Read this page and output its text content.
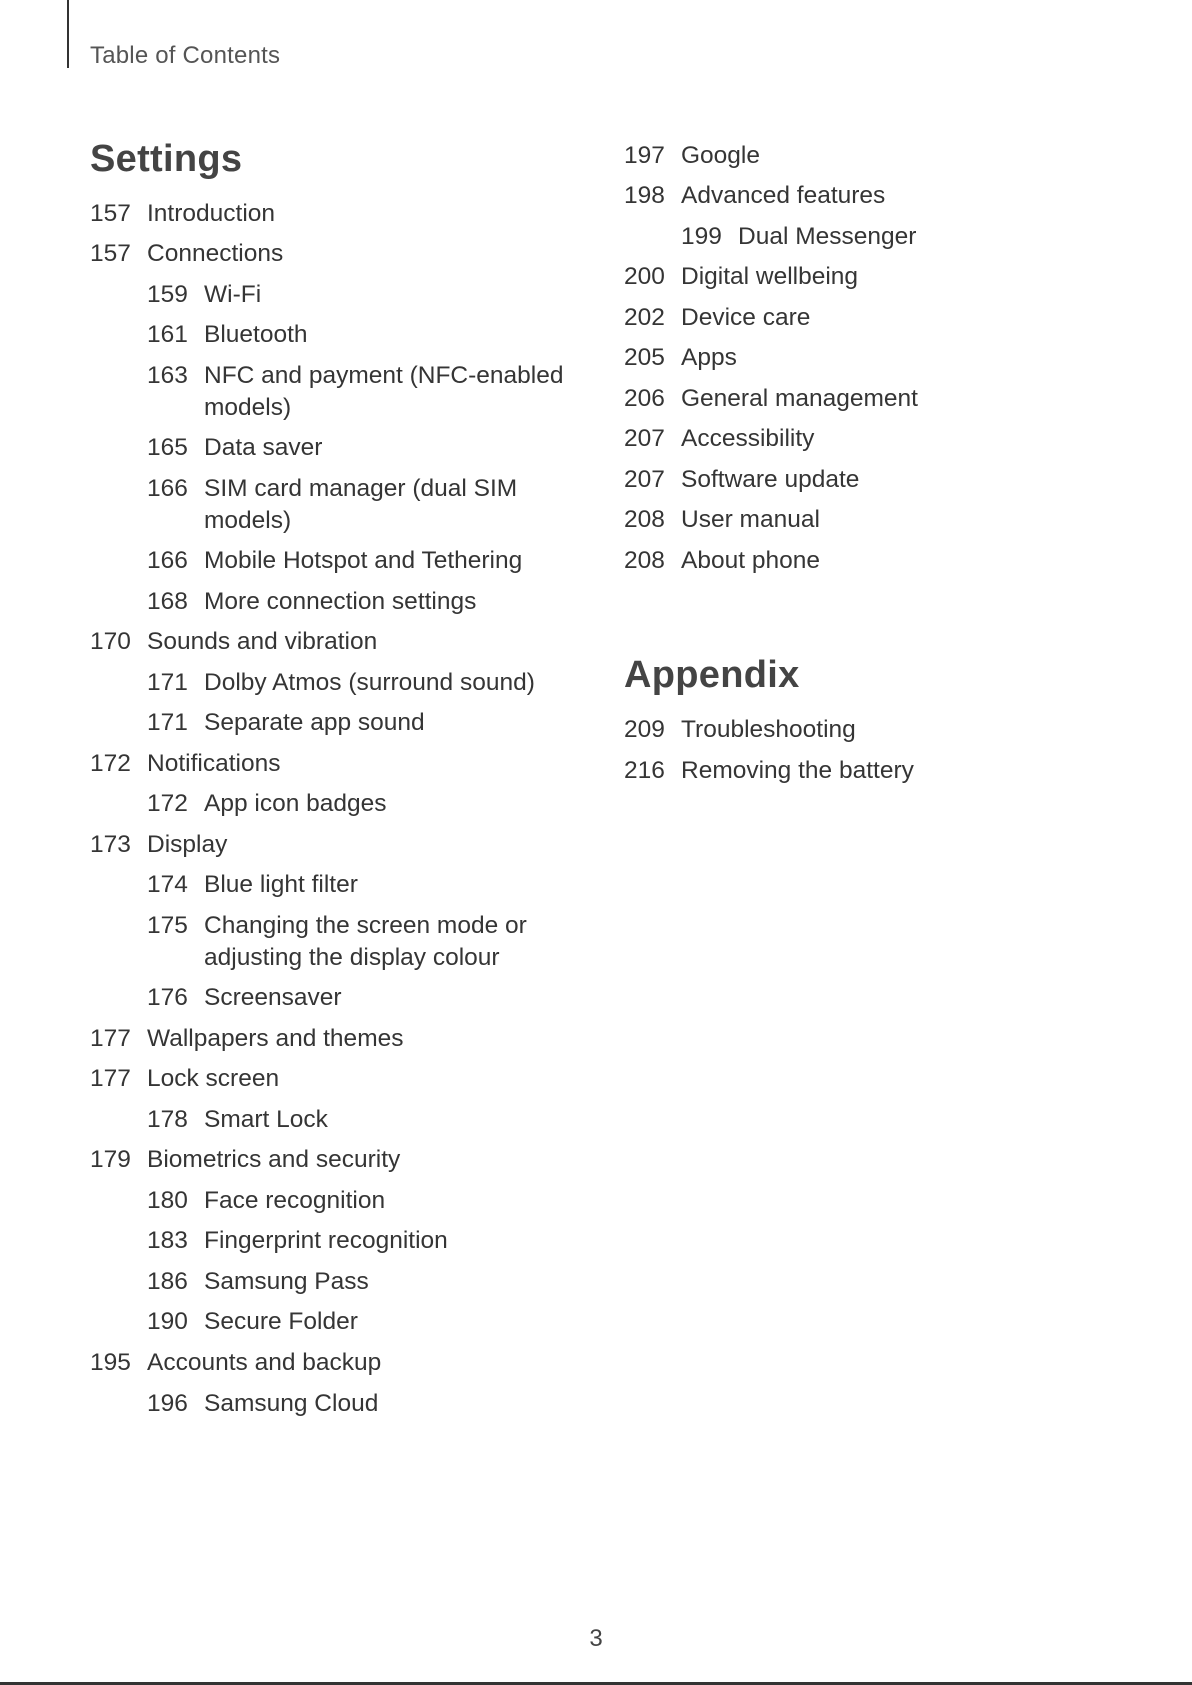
Table of Contents
Settings
157 Introduction
157 Connections
159 Wi-Fi
161 Bluetooth
163 NFC and payment (NFC-enabled models)
165 Data saver
166 SIM card manager (dual SIM models)
166 Mobile Hotspot and Tethering
168 More connection settings
170 Sounds and vibration
171 Dolby Atmos (surround sound)
171 Separate app sound
172 Notifications
172 App icon badges
173 Display
174 Blue light filter
175 Changing the screen mode or adjusting the display colour
176 Screensaver
177 Wallpapers and themes
177 Lock screen
178 Smart Lock
179 Biometrics and security
180 Face recognition
183 Fingerprint recognition
186 Samsung Pass
190 Secure Folder
195 Accounts and backup
196 Samsung Cloud
197 Google
198 Advanced features
199 Dual Messenger
200 Digital wellbeing
202 Device care
205 Apps
206 General management
207 Accessibility
207 Software update
208 User manual
208 About phone
Appendix
209 Troubleshooting
216 Removing the battery
3
